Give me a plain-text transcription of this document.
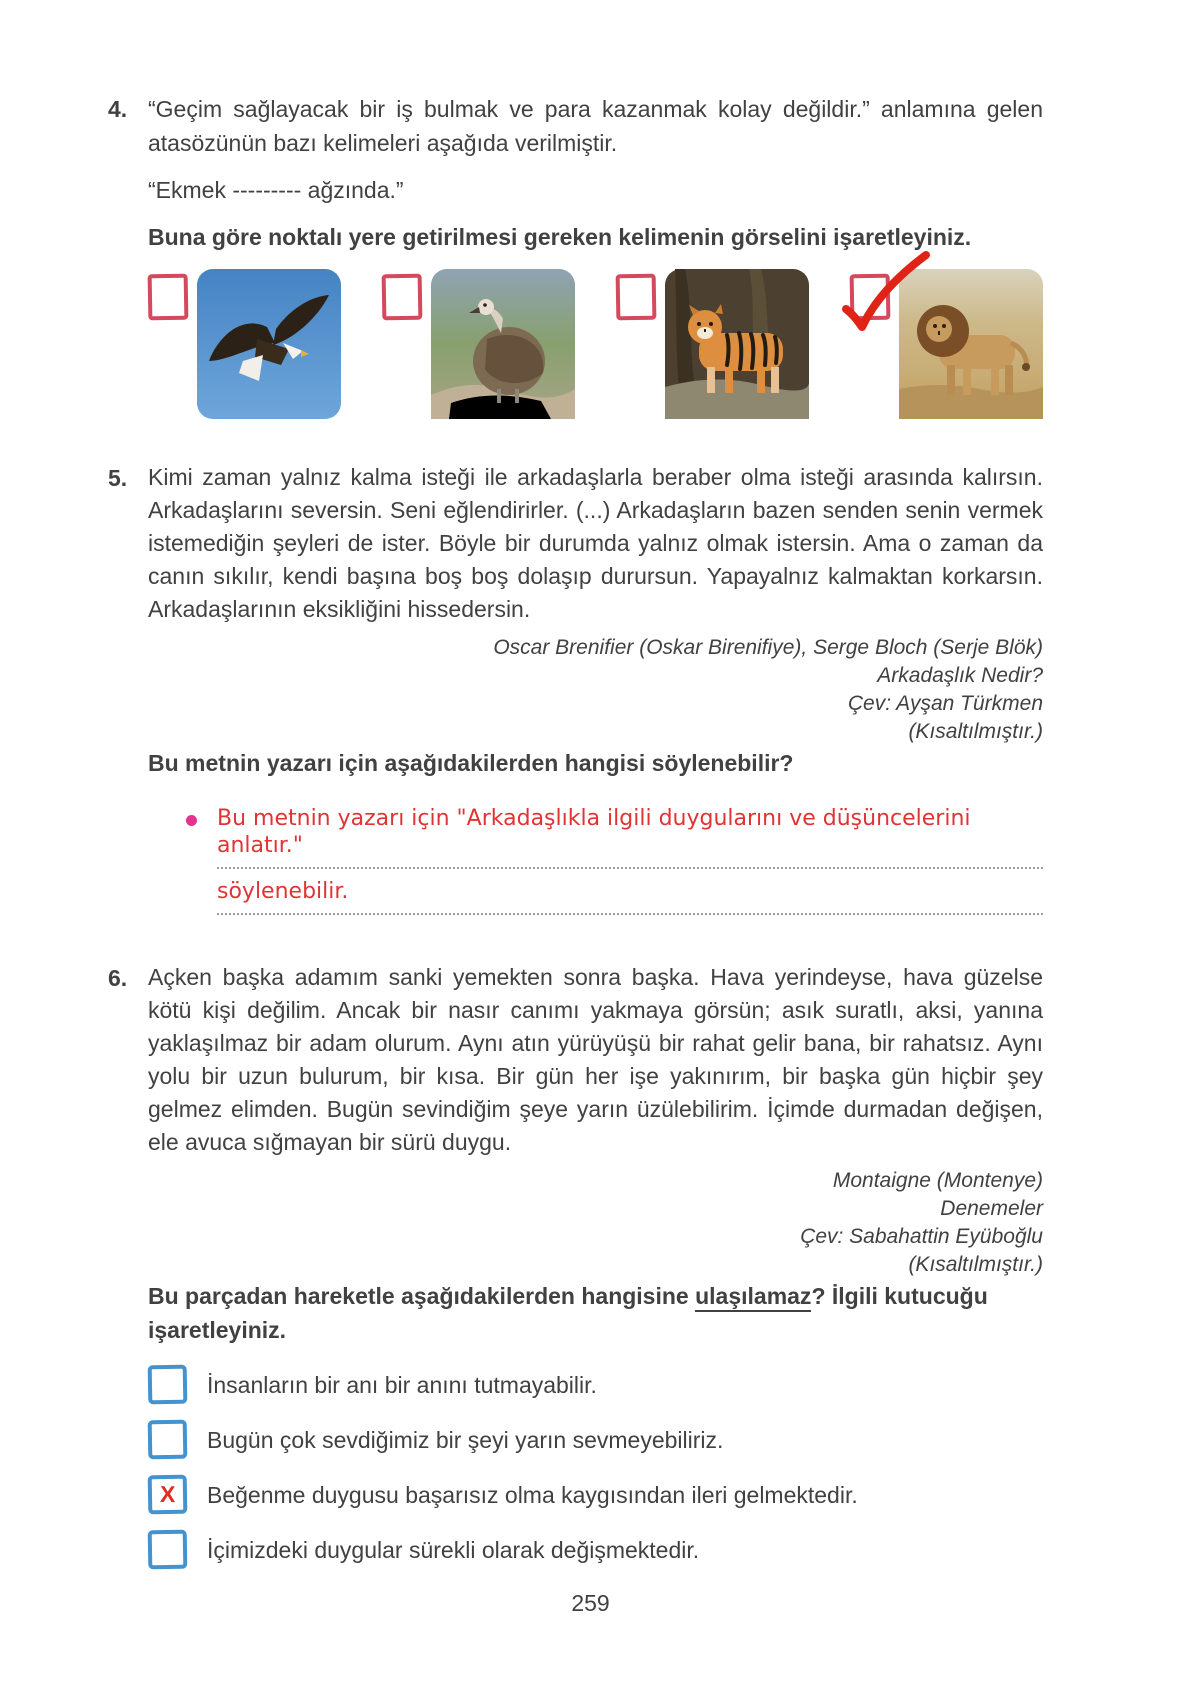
4. “Geçim sağlayacak bir iş bulmak ve para kazanmak kolay değildir.” anlamına gelen atasözünün bazı kelimeleri aşağıda verilmiştir.

“Ekmek --------- ağzında.”

Buna göre noktalı yere getirilmesi gereken kelimenin görselini işaretleyiniz.

5. Kimi zaman yalnız kalma isteği ile arkadaşlarla beraber olma isteği arasında kalırsın. Arkadaşlarını seversin. Seni eğlendirirler. (...) Arkadaşların bazen senden senin vermek istemediğin şeyleri de ister. Böyle bir durumda yalnız olmak istersin. Ama o zaman da canın sıkılır, kendi başına boş boş dolaşıp durursun. Yapayalnız kalmaktan korkarsın. Arkadaşlarının eksikliğini hissedersin.

Oscar Brenifier (Oskar Birenifiye), Serge Bloch (Serje Blök)
Arkadaşlık Nedir?
Çev: Ayşan Türkmen
(Kısaltılmıştır.)

Bu metnin yazarı için aşağıdakilerden hangisi söylenebilir?

Bu metnin yazarı için "Arkadaşlıkla ilgili duygularını ve düşüncelerini anlatır."
söylenebilir.
6. Açken başka adamım sanki yemekten sonra başka. Hava yerindeyse, hava güzelse kötü kişi değilim. Ancak bir nasır canımı yakmaya görsün; asık suratlı, aksi, yanına yaklaşılmaz bir adam olurum. Aynı atın yürüyüşü bir rahat gelir bana, bir rahatsız. Aynı yolu bir uzun bulurum, bir kısa. Bir gün her işe yakınırım, bir başka gün hiçbir şey gelmez elimden. Bugün sevindiğim şeye yarın üzülebilirim. İçimde durmadan değişen, ele avuca sığmayan bir sürü duygu.

Montaigne (Montenye)
Denemeler
Çev: Sabahattin Eyüboğlu
(Kısaltılmıştır.)

Bu parçadan hareketle aşağıdakilerden hangisine ulaşılamaz? İlgili kutucuğu işaretleyiniz.

İnsanların bir anı bir anını tutmayabilir.
Bugün çok sevdiğimiz bir şeyi yarın sevmeyebiliriz.
X Beğenme duygusu başarısız olma kaygısından ileri gelmektedir.
İçimizdeki duygular sürekli olarak değişmektedir.
259
